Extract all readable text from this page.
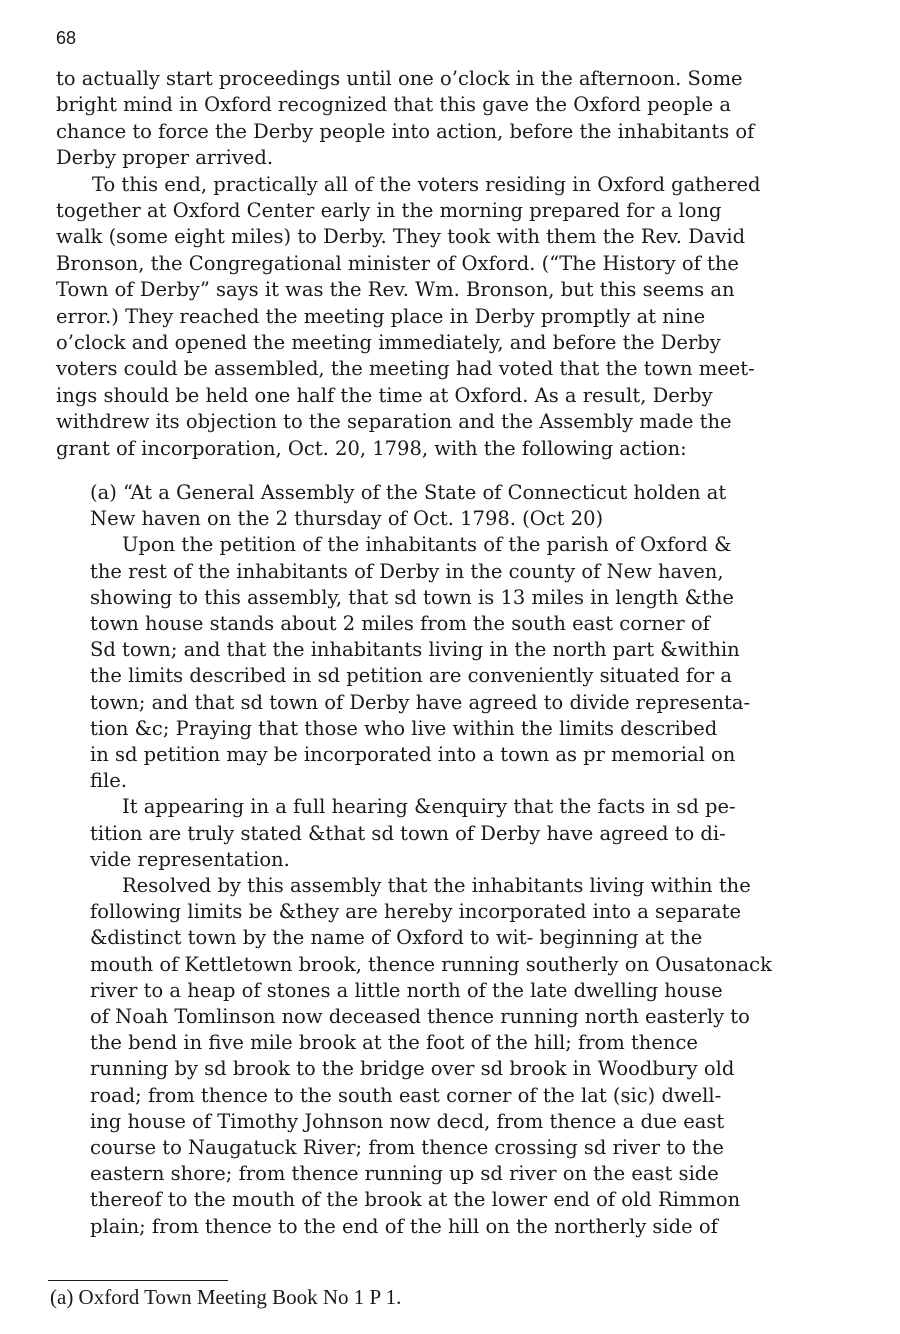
68

to actually start proceedings until one o’clock in the afternoon. Some
bright mind in Oxford recognized that this gave the Oxford people a
chance to force the Derby people into action, before the inhabitants of
Derby proper arrived.

To this end, practically all of the voters residing in Oxford gathered
together at Oxford Center early in the morning prepared for a long
walk (some eight miles) to Derby. They took with them the Rev. David
Bronson, the Congregational minister of Oxford. (“The History of the
Town of Derby” says it was the Rev. Wm. Bronson, but this seems an
error.) They reached the meeting place in Derby promptly at nine
o’clock and opened the meeting immediately, and before the Derby
voters could be assembled, the meeting had voted that the town meet-
ings should be held one half the time at Oxford. As a result, Derby
withdrew its objection to the separation and the Assembly made the
grant of incorporation, Oct. 20, 1798, with the following action:

(a) “At a General Assembly of the State of Connecticut holden at
New haven on the 2 thursday of Oct. 1798. (Oct 20)

Upon the petition of the inhabitants of the parish of Oxford &
the rest of the inhabitants of Derby in the county of New haven,
showing to this assembly, that sd town is 13 miles in length &the
town house stands about 2 miles from the south east corner of
Sd town; and that the inhabitants living in the north part &within
the limits described in sd petition are conveniently situated for a
town; and that sd town of Derby have agreed to divide representa-
tion &c; Praying that those who live within the limits described
in sd petition may be incorporated into a town as pr memorial on
file.

It appearing in a full hearing &enquiry that the facts in sd pe-
tition are truly stated &that sd town of Derby have agreed to di-
vide representation.

Resolved by this assembly that the inhabitants living within the
following limits be &they are hereby incorporated into a separate
&distinct town by the name of Oxford to wit- beginning at the
mouth of Kettletown brook, thence running southerly on Ousatonack
river to a heap of stones a little north of the late dwelling house
of Noah Tomlinson now deceased thence running north easterly to
the bend in five mile brook at the foot of the hill; from thence
running by sd brook to the bridge over sd brook in Woodbury old
road; from thence to the south east corner of the lat (sic) dwell-
ing house of Timothy Johnson now decd, from thence a due east
course to Naugatuck River; from thence crossing sd river to the
eastern shore; from thence running up sd river on the east side
thereof to the mouth of the brook at the lower end of old Rimmon
plain; from thence to the end of the hill on the northerly side of

(a) Oxford Town Meeting Book No 1 P 1.
